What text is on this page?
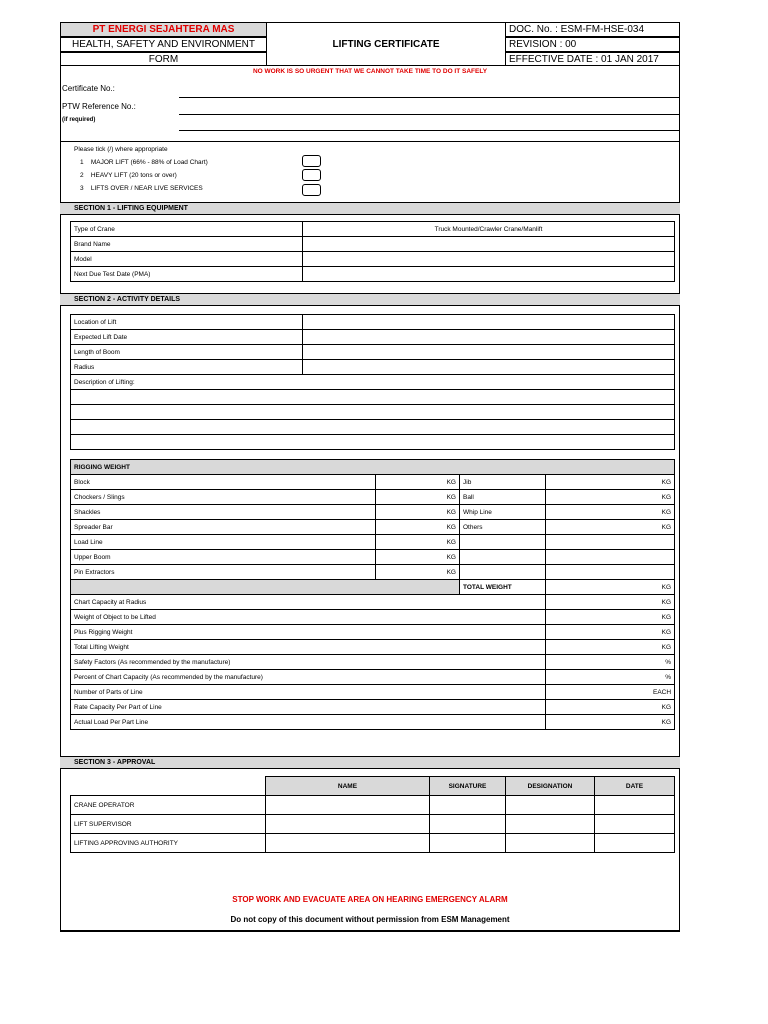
PT ENERGI SEJAHTERA MAS
HEALTH, SAFETY AND ENVIRONMENT
FORM
LIFTING CERTIFICATE
DOC. No. : ESM-FM-HSE-034
REVISION : 00
EFFECTIVE DATE : 01 JAN 2017
NO WORK IS SO URGENT THAT WE CANNOT TAKE TIME TO DO IT SAFELY
Certificate No.:
PTW Reference No.:
(if required)
Please tick (/) where appropriate
1 MAJOR LIFT (66% - 88% of Load Chart)
2 HEAVY LIFT (20 tons or over)
3 LIFTS OVER / NEAR LIVE SERVICES
SECTION 1 - LIFTING EQUIPMENT
Type of Crane	Truck Mounted/Crawler Crane/Manlift
Brand Name	
Model	
Next Due Test Date (PMA)	
SECTION 2 - ACTIVITY DETAILS
Location of Lift	
Expected Lift Date	
Length of Boom	
Radius	
Description of Lifting:	

RIGGING WEIGHT			
Block	KG	Jib	KG
Chockers / Slings	KG	Ball	KG
Shackles	KG	Whip Line	KG
Spreader Bar	KG	Others	KG
Load Line	KG		
Upper Boom	KG		
Pin Extractors	KG		
		TOTAL WEIGHT	KG
Chart Capacity at Radius			KG
Weight of Object to be Lifted			KG
Plus Rigging Weight			KG
Total Lifting Weight			KG
Safety Factors (As recommended by the manufacture)			%
Percent of Chart Capacity (As recommended by the manufacture)			%
Number of Parts of Line			EACH
Rate Capacity Per Part of Line			KG
Actual Load Per Part Line			KG
SECTION 3 - APPROVAL
	NAME	SIGNATURE	DESIGNATION	DATE
CRANE OPERATOR				
LIFT SUPERVISOR				
LIFTING APPROVING AUTHORITY				
STOP WORK AND EVACUATE AREA ON HEARING EMERGENCY ALARM
Do not copy of this document without permission from ESM Management
